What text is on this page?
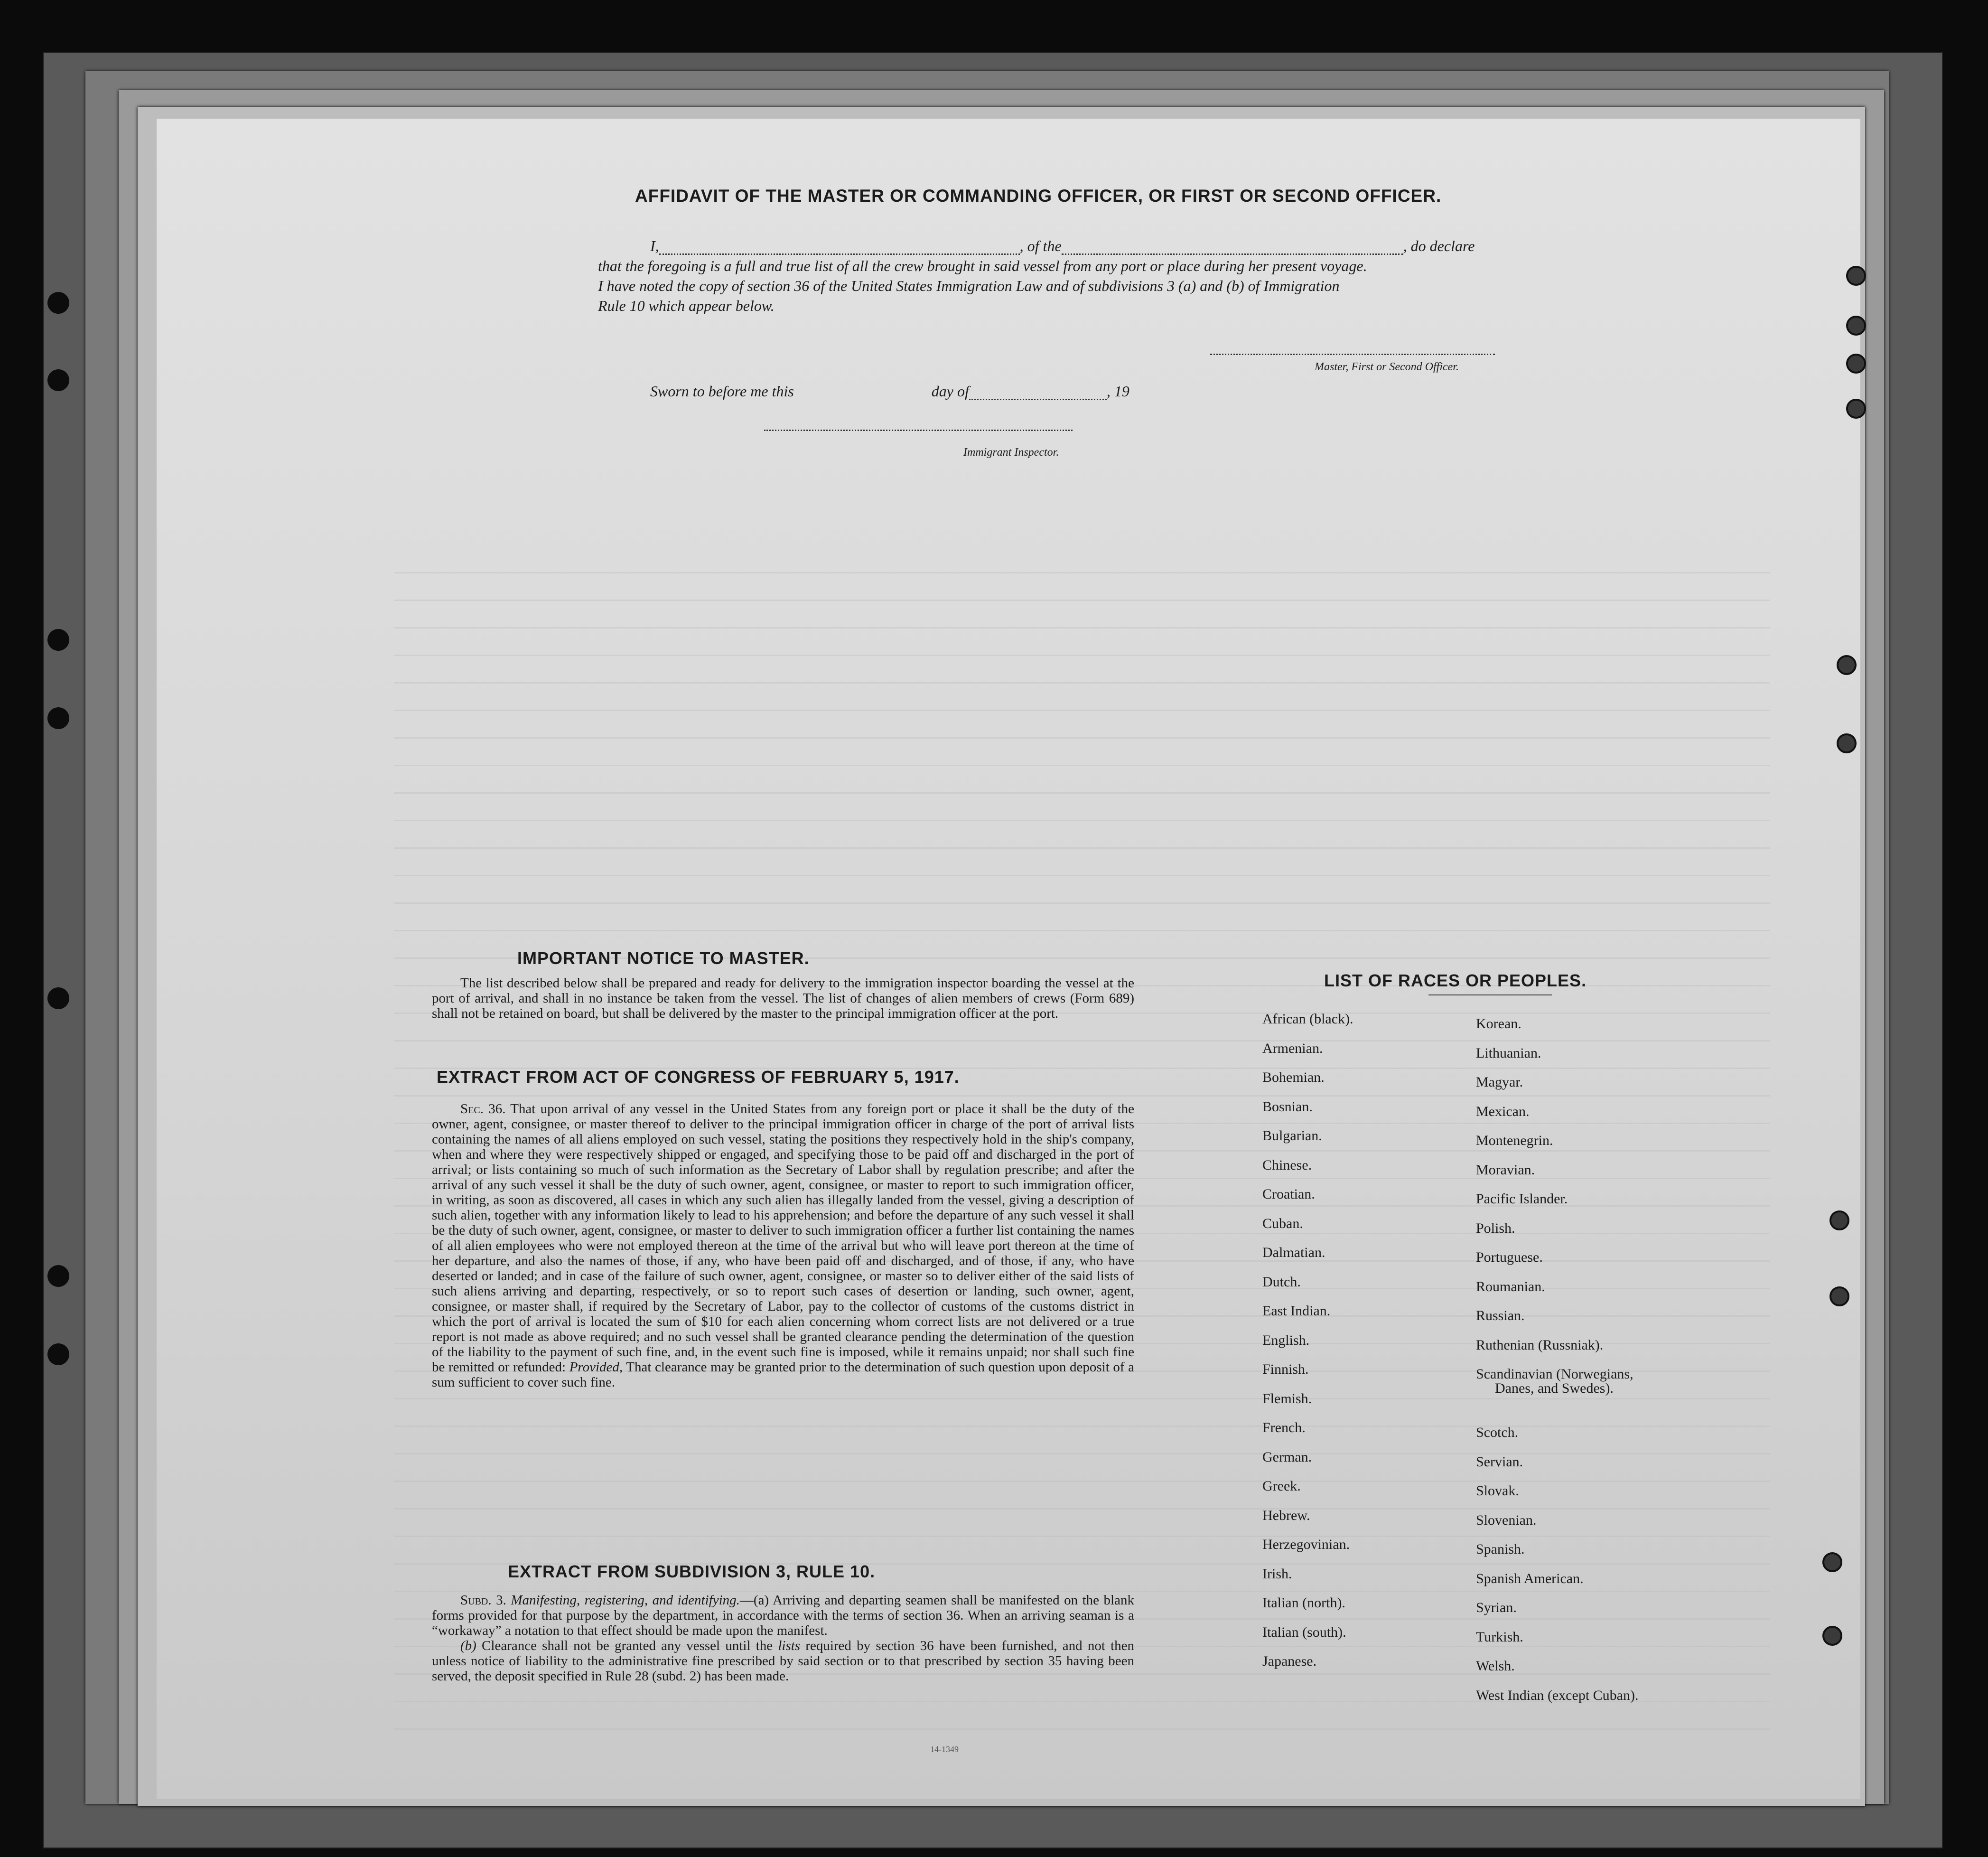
AFFIDAVIT OF THE MASTER OR COMMANDING OFFICER, OR FIRST OR SECOND OFFICER.
I,	, of the	, do declare
that the foregoing is a full and true list of all the crew brought in said vessel from any port or place during her present voyage.
I have noted the copy of section 36 of the United States Immigration Law and of subdivisions 3 (a) and (b) of Immigration
Rule 10 which appear below.
Master, First or Second Officer.
Sworn to before me this	day of	, 19
Immigrant Inspector.
IMPORTANT NOTICE TO MASTER.

The list described below shall be prepared and ready for delivery to the immigration inspector boarding the vessel at the port of arrival, and shall in no instance be taken from the vessel. The list of changes of alien members of crews (Form 689) shall not be retained on board, but shall be delivered by the master to the principal immigration officer at the port.

EXTRACT FROM ACT OF CONGRESS OF FEBRUARY 5, 1917.

Sec. 36. That upon arrival of any vessel in the United States from any foreign port or place it shall be the duty of the owner, agent, consignee, or master thereof to deliver to the principal immigration officer in charge of the port of arrival lists containing the names of all aliens employed on such vessel, stating the positions they respectively hold in the ship's company, when and where they were respectively shipped or engaged, and specifying those to be paid off and discharged in the port of arrival; or lists containing so much of such information as the Secretary of Labor shall by regulation prescribe; and after the arrival of any such vessel it shall be the duty of such owner, agent, consignee, or master to report to such immigration officer, in writing, as soon as discovered, all cases in which any such alien has illegally landed from the vessel, giving a description of such alien, together with any information likely to lead to his apprehension; and before the departure of any such vessel it shall be the duty of such owner, agent, consignee, or master to deliver to such immigration officer a further list containing the names of all alien employees who were not employed thereon at the time of the arrival but who will leave port thereon at the time of her departure, and also the names of those, if any, who have been paid off and discharged, and of those, if any, who have deserted or landed; and in case of the failure of such owner, agent, consignee, or master so to deliver either of the said lists of such aliens arriving and departing, respectively, or so to report such cases of desertion or landing, such owner, agent, consignee, or master shall, if required by the Secretary of Labor, pay to the collector of customs of the customs district in which the port of arrival is located the sum of $10 for each alien concerning whom correct lists are not delivered or a true report is not made as above required; and no such vessel shall be granted clearance pending the determination of the question of the liability to the payment of such fine, and, in the event such fine is imposed, while it remains unpaid; nor shall such fine be remitted or refunded: Provided, That clearance may be granted prior to the determination of such question upon deposit of a sum sufficient to cover such fine.

EXTRACT FROM SUBDIVISION 3, RULE 10.

Subd. 3. Manifesting, registering, and identifying.—(a) Arriving and departing seamen shall be manifested on the blank forms provided for that purpose by the department, in accordance with the terms of section 36. When an arriving seaman is a “workaway” a notation to that effect should be made upon the manifest.

(b) Clearance shall not be granted any vessel until the lists required by section 36 have been furnished, and not then unless notice of liability to the administrative fine prescribed by said section or to that prescribed by section 35 having been served, the deposit specified in Rule 28 (subd. 2) has been made.

LIST OF RACES OR PEOPLES.
African (black).
Armenian.
Bohemian.
Bosnian.
Bulgarian.
Chinese.
Croatian.
Cuban.
Dalmatian.
Dutch.
East Indian.
English.
Finnish.
Flemish.
French.
German.
Greek.
Hebrew.
Herzegovinian.
Irish.
Italian (north).
Italian (south).
Japanese.
Korean.
Lithuanian.
Magyar.
Mexican.
Montenegrin.
Moravian.
Pacific Islander.
Polish.
Portuguese.
Roumanian.
Russian.
Ruthenian (Russniak).
Scandinavian (Norwegians,
Danes, and Swedes).
Scotch.
Servian.
Slovak.
Slovenian.
Spanish.
Spanish American.
Syrian.
Turkish.
Welsh.
West Indian (except Cuban).
14-1349
